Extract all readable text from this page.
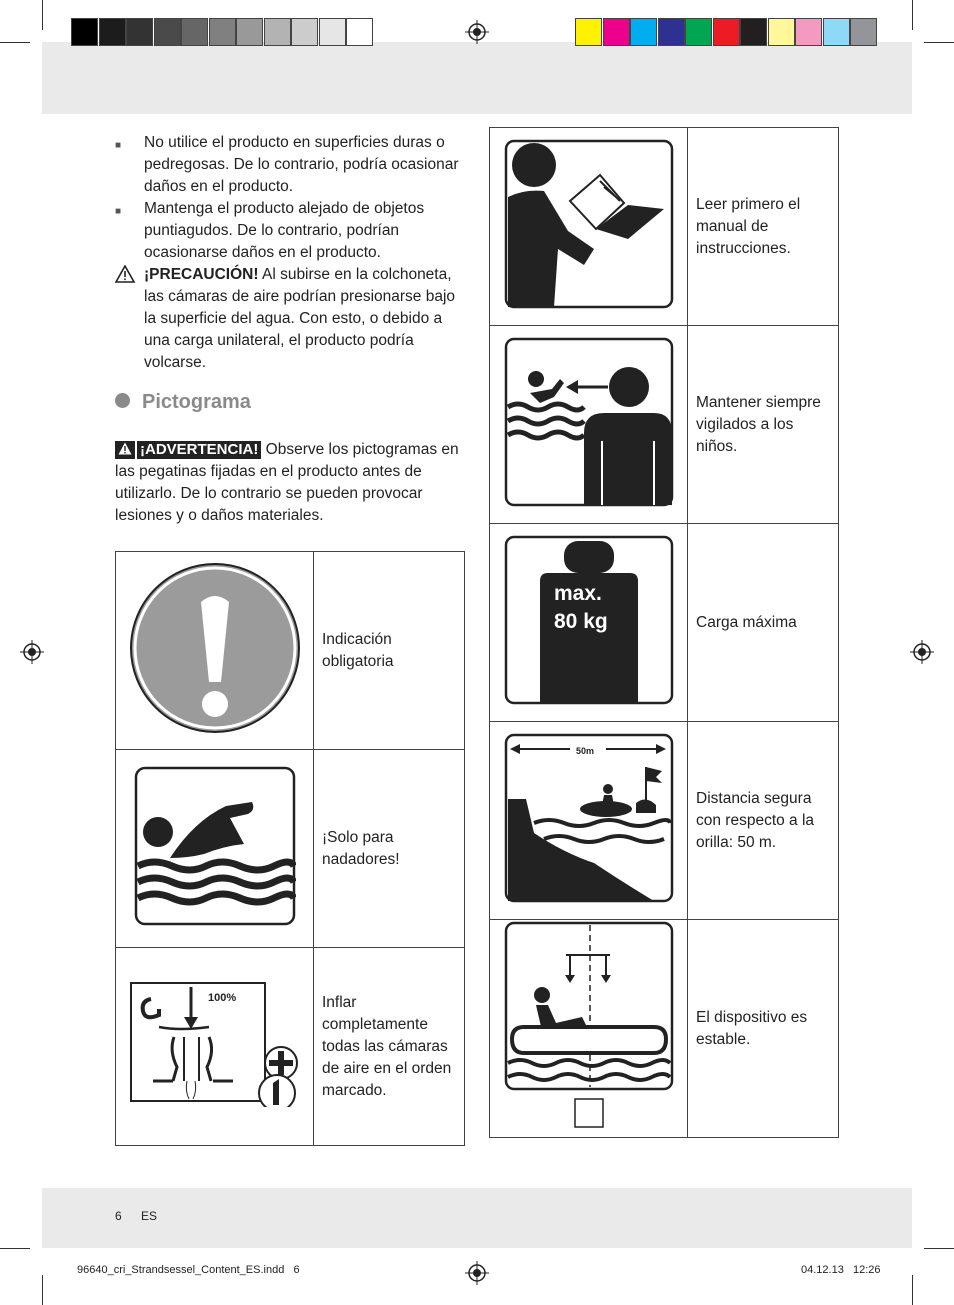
■ No utilice el producto en superficies duras o pedregosas. De lo contrario, podría ocasionar daños en el producto.
■ Mantenga el producto alejado de objetos puntiagudos. De lo contrario, podrían ocasionarse daños en el producto.
¡PRECAUCIÓN! Al subirse en la colchoneta, las cámaras de aire podrían presionarse bajo la superficie del agua. Con esto, o debido a una carga unilateral, el producto podría volcarse.
Pictograma
¡ADVERTENCIA! Observe los pictogramas en las pegatinas fijadas en el producto antes de utilizarlo. De lo contrario se pueden provocar lesiones y o daños materiales.
	Indicación obligatoria
	¡Solo para nadadores!

100%	Inflar completamente todas las cámaras de aire en el orden marcado.
	Leer primero el manual de instrucciones.
	Mantener siempre vigilados a los niños.

max.
80 kg	Carga máxima

50m	Distancia segura con respecto a la orilla: 50 m.
	El dispositivo es estable.
6 ES
96640_cri_Strandsessel_Content_ES.indd   6	04.12.13   12:26
